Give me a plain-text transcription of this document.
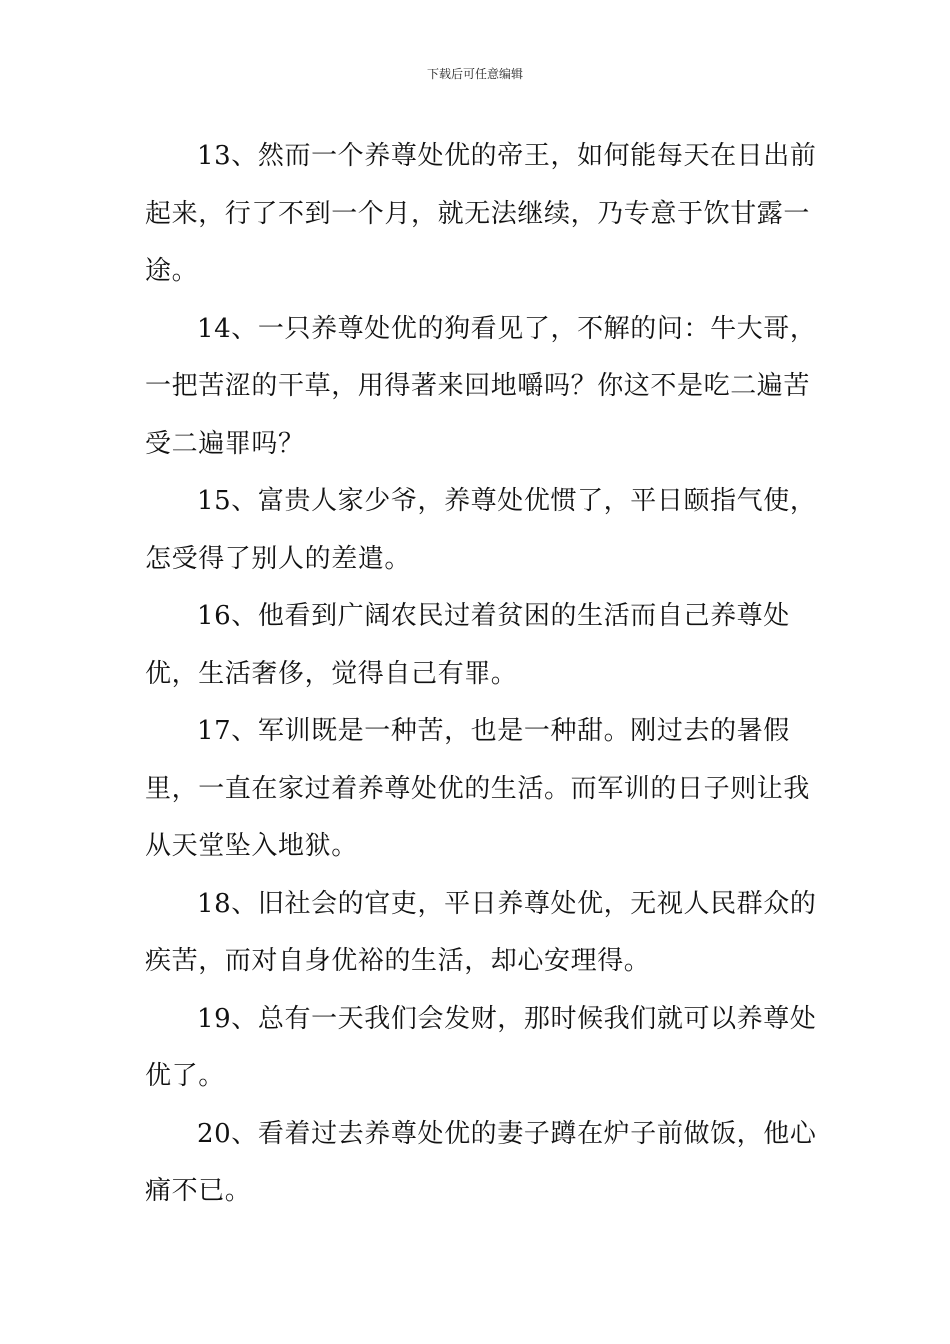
下载后可任意编辑

13、然而一个养尊处优的帝王，如何能每天在日出前起来，行了不到一个月，就无法继续，乃专意于饮甘露一途。

14、一只养尊处优的狗看见了，不解的问：牛大哥，一把苦涩的干草，用得著来回地嚼吗？你这不是吃二遍苦受二遍罪吗？

15、富贵人家少爷，养尊处优惯了，平日颐指气使，怎受得了别人的差遣。

16、他看到广阔农民过着贫困的生活而自己养尊处优，生活奢侈，觉得自己有罪。

17、军训既是一种苦，也是一种甜。刚过去的暑假里，一直在家过着养尊处优的生活。而军训的日子则让我从天堂坠入地狱。

18、旧社会的官吏，平日养尊处优，无视人民群众的疾苦，而对自身优裕的生活，却心安理得。

19、总有一天我们会发财，那时候我们就可以养尊处优了。

20、看着过去养尊处优的妻子蹲在炉子前做饭，他心痛不已。
